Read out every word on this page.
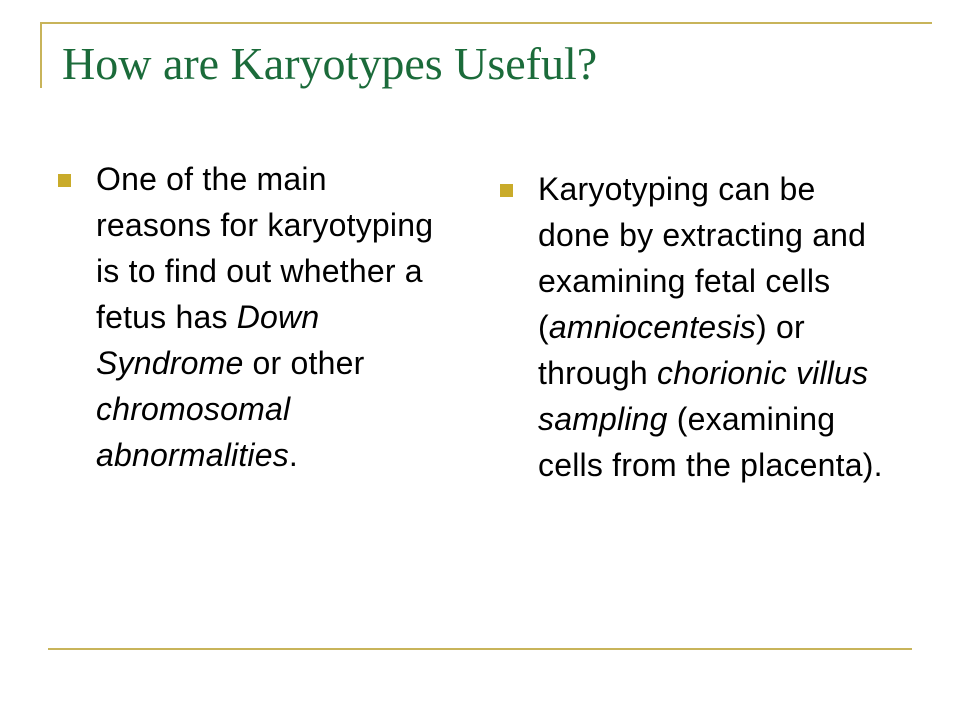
How are Karyotypes Useful?
One of the main reasons for karyotyping is to find out whether a fetus has Down Syndrome or other chromosomal abnormalities.
Karyotyping can be done by extracting and examining fetal cells (amniocentesis) or through chorionic villus sampling (examining cells from the placenta).
